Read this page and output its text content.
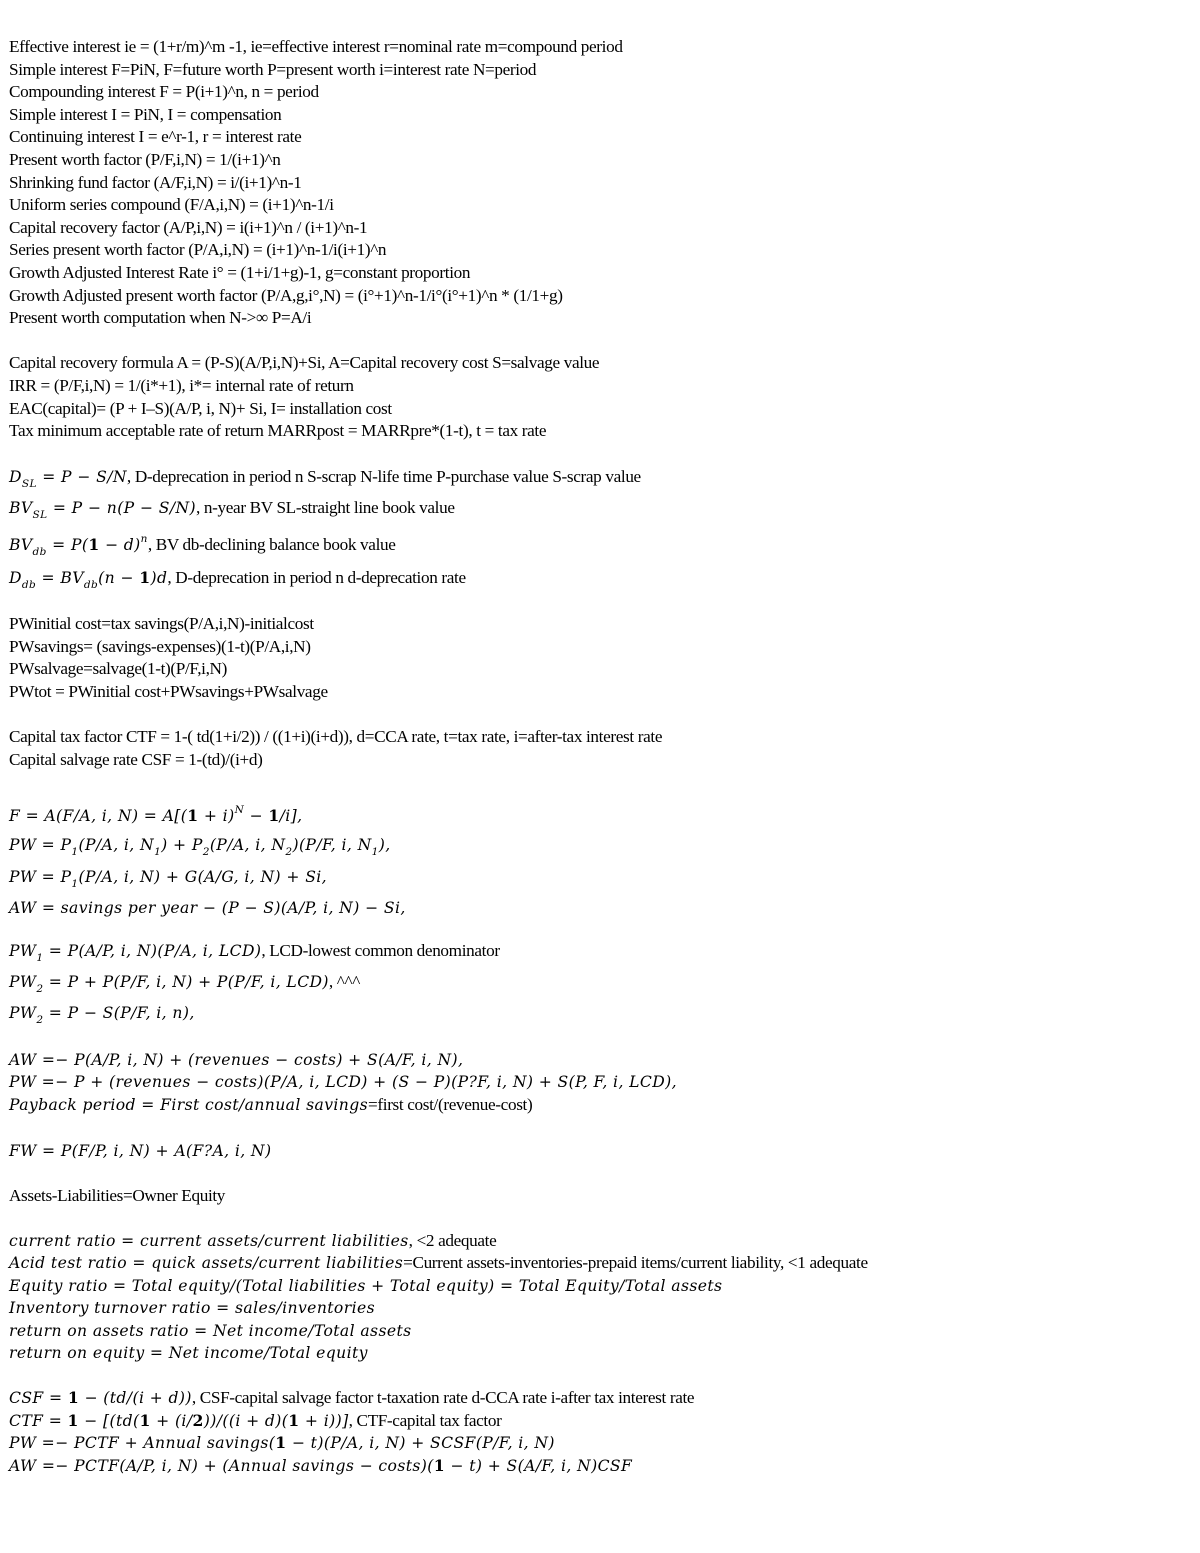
Effective interest ie = (1+r/m)^m -1, ie=effective interest r=nominal rate m=compound period
Simple interest F=PiN, F=future worth P=present worth i=interest rate N=period
Compounding interest F = P(i+1)^n, n = period
Simple interest I = PiN, I = compensation
Continuing interest I = e^r-1, r = interest rate
Present worth factor (P/F,i,N) = 1/(i+1)^n
Shrinking fund factor (A/F,i,N) = i/(i+1)^n-1
Uniform series compound (F/A,i,N) = (i+1)^n-1/i
Capital recovery factor (A/P,i,N) = i(i+1)^n / (i+1)^n-1
Series present worth factor (P/A,i,N) = (i+1)^n-1/i(i+1)^n
Growth Adjusted Interest Rate i° = (1+i/1+g)-1, g=constant proportion
Growth Adjusted present worth factor (P/A,g,i°,N) = (i°+1)^n-1/i°(i°+1)^n * (1/1+g)
Present worth computation when N->∞ P=A/i
Capital recovery formula A = (P-S)(A/P,i,N)+Si, A=Capital recovery cost S=salvage value
IRR = (P/F,i,N) = 1/(i*+1), i*= internal rate of return
EAC(capital)= (P + I–S)(A/P, i, N)+ Si, I= installation cost
Tax minimum acceptable rate of return MARRpost = MARRpre*(1-t), t = tax rate
$D_{SL} = P - S/N$, D-deprecation in period n S-scrap N-life time P-purchase value S-scrap value
$BV_{SL} = P - n(P - S/N)$, n-year BV SL-straight line book value
$BV_{db} = P(1 - d)^n$, BV db-declining balance book value
$D_{db} = BV_{db}(n - 1)d$, D-deprecation in period n d-deprecation rate
PWinitial cost=tax savings(P/A,i,N)-initialcost
PWsavings= (savings-expenses)(1-t)(P/A,i,N)
PWsalvage=salvage(1-t)(P/F,i,N)
PWtot = PWinitial cost+PWsavings+PWsalvage
Capital tax factor CTF = 1-( td(1+i/2)) / ((1+i)(i+d)), d=CCA rate, t=tax rate, i=after-tax interest rate
Capital salvage rate CSF = 1-(td)/(i+d)
F = A(F/A, i, $N) = A[(1 + i)^N - 1/i]$,
PW = $P_1(P/A$, i, $N_1) + P_2(P/A$, i, $N_2)(P/F$, i, $N_1$),
PW = $P_1(P/A$, i, N) + G(A/G, i, N) + Si,
AW = savings per year − (P − S)(A/P, i, N) − Si,
$PW_1 = P(A/P$, i, N)(P/A, i, LCD), LCD-lowest common denominator
$PW_2 = P + P(P/F$, i, N) + P(P/F, i, LCD), ^^^
$PW_2 = P - S(P/F$, i, n),
AW =− P(A/P, i, N) + (revenues − costs) + S(A/F, i, N),
PW =− P + (revenues − costs)(P/A, i, LCD) + (S − P)(P?F, i, N) + S(P, F, i, LCD),
Payback period = First cost/annual savings=first cost/(revenue-cost)
FW = P(F/P, i, N) + A(F?A, i, N)
Assets-Liabilities=Owner Equity
current ratio = current assets/current liabilities, <2 adequate
Acid test ratio = quick assets/current liabilities=Current assets-inventories-prepaid items/current liability, <1 adequate
Equity ratio = Total equity/(Total liabilities + Total equity) = Total Equity/Total assets
Inventory turnover ratio = sales/inventories
return on assets ratio = Net income/Total assets
return on equity = Net income/Total equity
CSF = 1 − (td/(i + d)), CSF-capital salvage factor t-taxation rate d-CCA rate i-after tax interest rate
CTF = 1 − [(td(1 + (i/2))/((i + d)(1 + i))], CTF-capital tax factor
PW =− PCTF + Annual savings(1 − t)(P/A, i, N) + SCSF(P/F, i, N)
AW =− PCTF(A/P, i, N) + (Annual savings − costs)(1 − t) + S(A/F, i, N)CSF
